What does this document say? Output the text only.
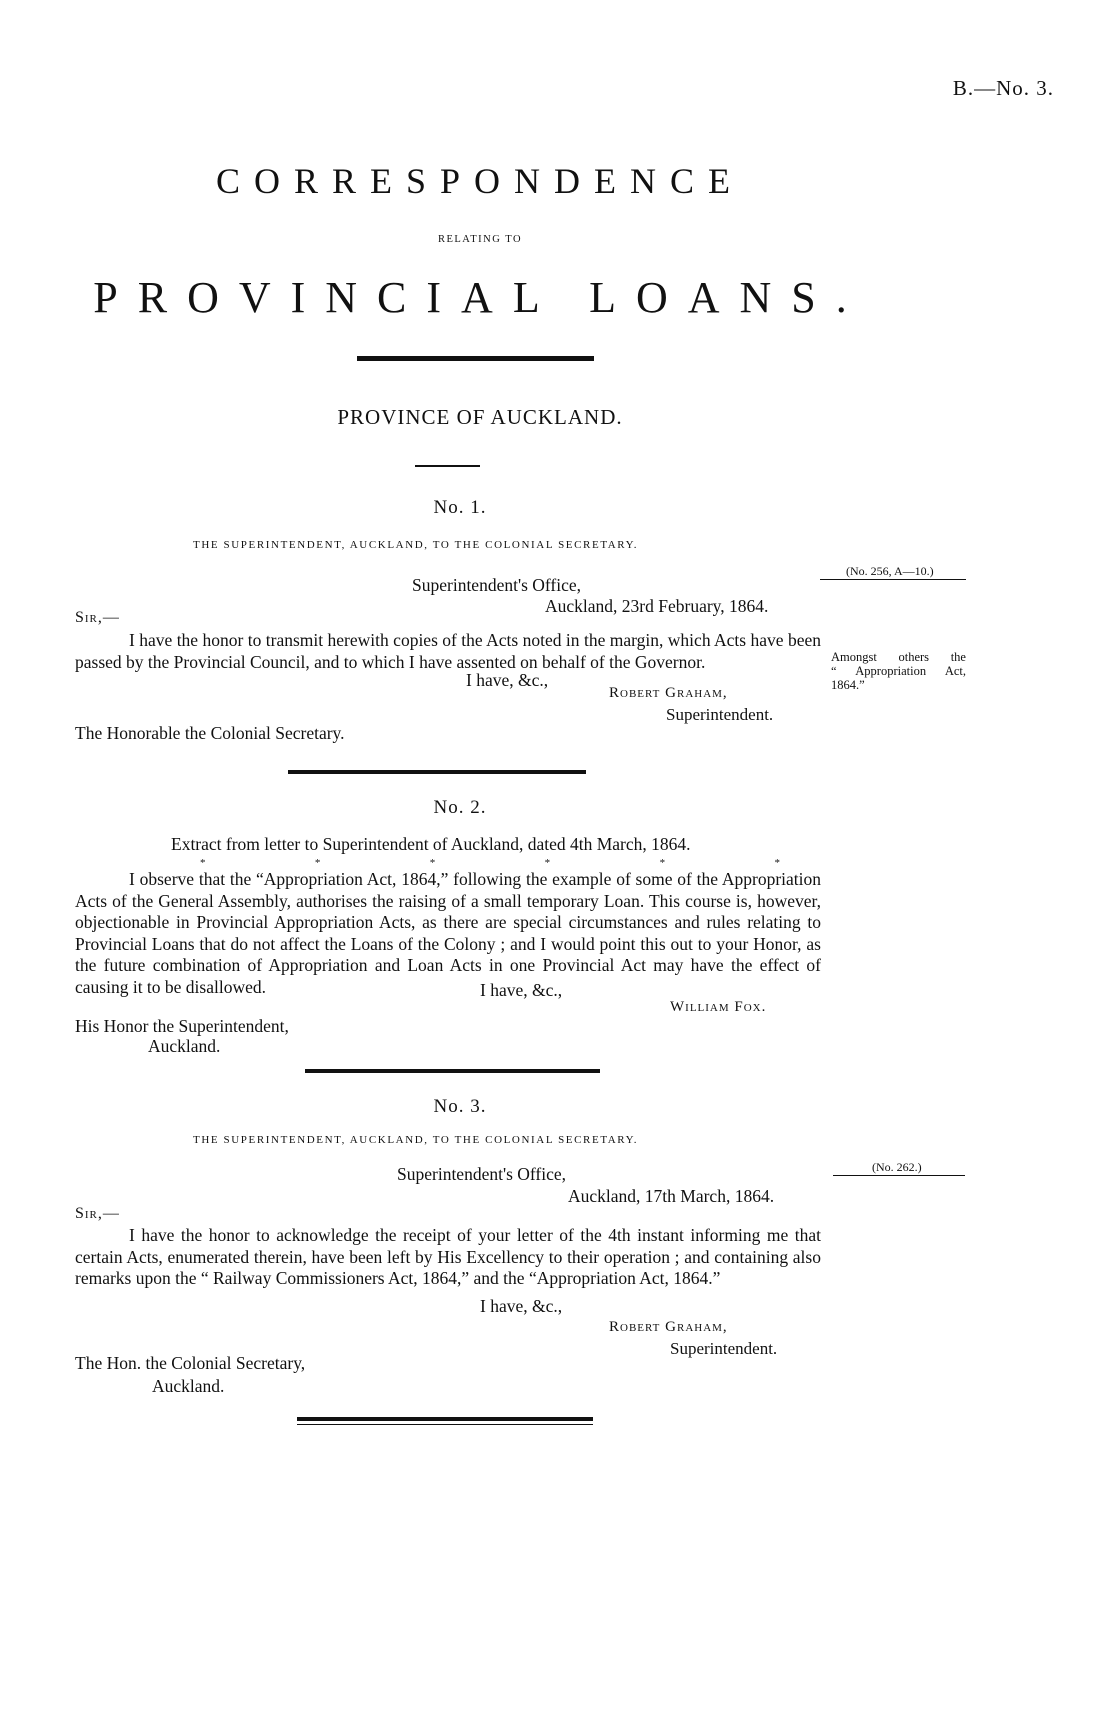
B.—No. 3.
CORRESPONDENCE
RELATING TO
PROVINCIAL LOANS.
PROVINCE OF AUCKLAND.
No. 1.
THE SUPERINTENDENT, AUCKLAND, TO THE COLONIAL SECRETARY.
(No. 256, A—10.)
Superintendent's Office,
Auckland, 23rd February, 1864.
Sir,—

I have the honor to transmit herewith copies of the Acts noted in the margin, which Acts have been passed by the Provincial Council, and to which I have assented on behalf of the Governor.

I have, &c.,
Robert Graham,
Superintendent.
Amongst others the
“ Appropriation Act,
1864.”
The Honorable the Colonial Secretary.
No. 2.
Extract from letter to Superintendent of Auckland, dated 4th March, 1864.
*	*	*	*	*	*

I observe that the “Appropriation Act, 1864,” following the example of some of the Appropriation Acts of the General Assembly, authorises the raising of a small temporary Loan. This course is, however, objectionable in Provincial Appropriation Acts, as there are special circumstances and rules relating to Provincial Loans that do not affect the Loans of the Colony ; and I would point this out to your Honor, as the future combination of Appropriation and Loan Acts in one Provincial Act may have the effect of causing it to be disallowed.	I have, &c.,
William Fox.
His Honor the Superintendent,
Auckland.
No. 3.
THE SUPERINTENDENT, AUCKLAND, TO THE COLONIAL SECRETARY.
(No. 262.)
Superintendent's Office,
Auckland, 17th March, 1864.
Sir,—

I have the honor to acknowledge the receipt of your letter of the 4th instant informing me that certain Acts, enumerated therein, have been left by His Excellency to their operation ; and containing also remarks upon the “ Railway Commissioners Act, 1864,” and the “Appropriation Act, 1864.”

I have, &c.,
Robert Graham,
Superintendent.
The Hon. the Colonial Secretary,
Auckland.
